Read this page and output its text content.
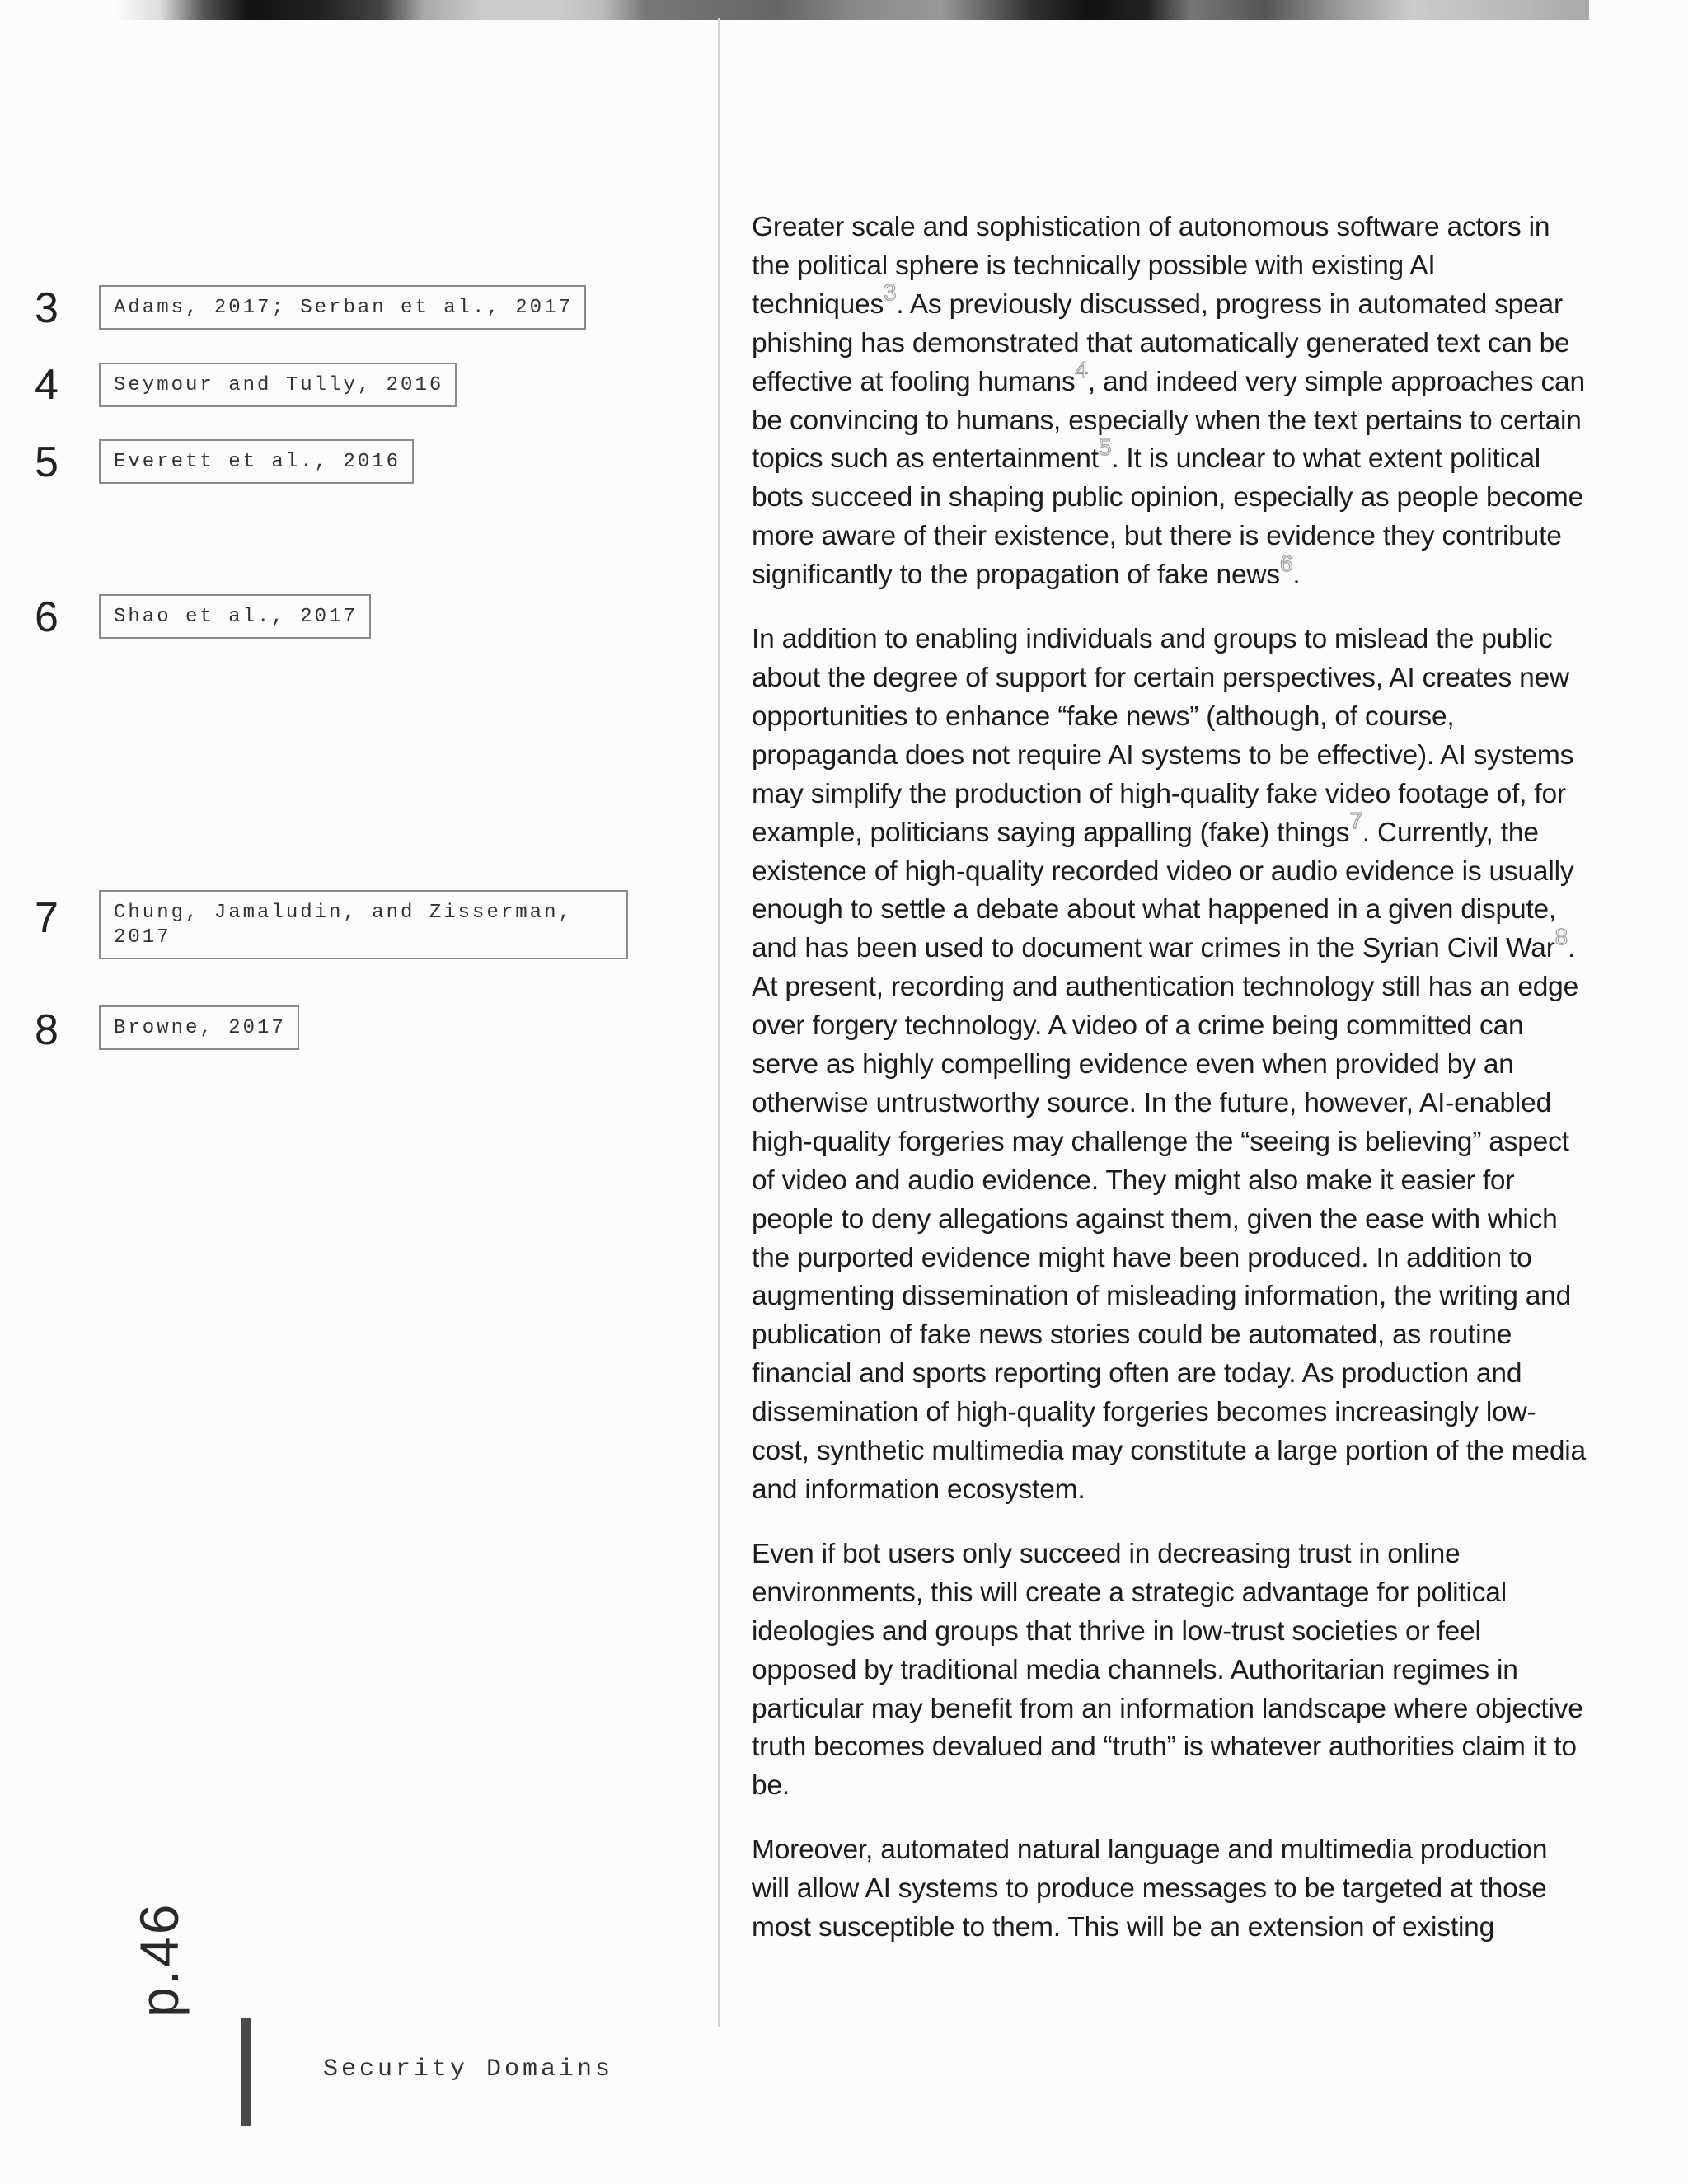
3	Adams, 2017; Serban et al., 2017
4	Seymour and Tully, 2016
5	Everett et al., 2016
6	Shao et al., 2017
7	Chung, Jamaludin, and Zisserman,
2017
8	Browne, 2017

Greater scale and sophistication of autonomous software actors in the political sphere is technically possible with existing AI techniques$^3$. As previously discussed, progress in automated spear phishing has demonstrated that automatically generated text can be effective at fooling humans$^4$, and indeed very simple approaches can be convincing to humans, especially when the text pertains to certain topics such as entertainment$^5$. It is unclear to what extent political bots succeed in shaping public opinion, especially as people become more aware of their existence, but there is evidence they contribute significantly to the propagation of fake news$^6$.

In addition to enabling individuals and groups to mislead the public about the degree of support for certain perspectives, AI creates new opportunities to enhance “fake news” (although, of course, propaganda does not require AI systems to be effective). AI systems may simplify the production of high-quality fake video footage of, for example, politicians saying appalling (fake) things$^7$. Currently, the existence of high-quality recorded video or audio evidence is usually enough to settle a debate about what happened in a given dispute, and has been used to document war crimes in the Syrian Civil War$^8$. At present, recording and authentication technology still has an edge over forgery technology. A video of a crime being committed can serve as highly compelling evidence even when provided by an otherwise untrustworthy source. In the future, however, AI-enabled high-quality forgeries may challenge the “seeing is believing” aspect of video and audio evidence. They might also make it easier for people to deny allegations against them, given the ease with which the purported evidence might have been produced. In addition to augmenting dissemination of misleading information, the writing and publication of fake news stories could be automated, as routine financial and sports reporting often are today. As production and dissemination of high-quality forgeries becomes increasingly low-cost, synthetic multimedia may constitute a large portion of the media and information ecosystem.

Even if bot users only succeed in decreasing trust in online environments, this will create a strategic advantage for political ideologies and groups that thrive in low-trust societies or feel opposed by traditional media channels. Authoritarian regimes in particular may benefit from an information landscape where objective truth becomes devalued and “truth” is whatever authorities claim it to be.

Moreover, automated natural language and multimedia production will allow AI systems to produce messages to be targeted at those most susceptible to them. This will be an extension of existing

p.46
Security Domains
